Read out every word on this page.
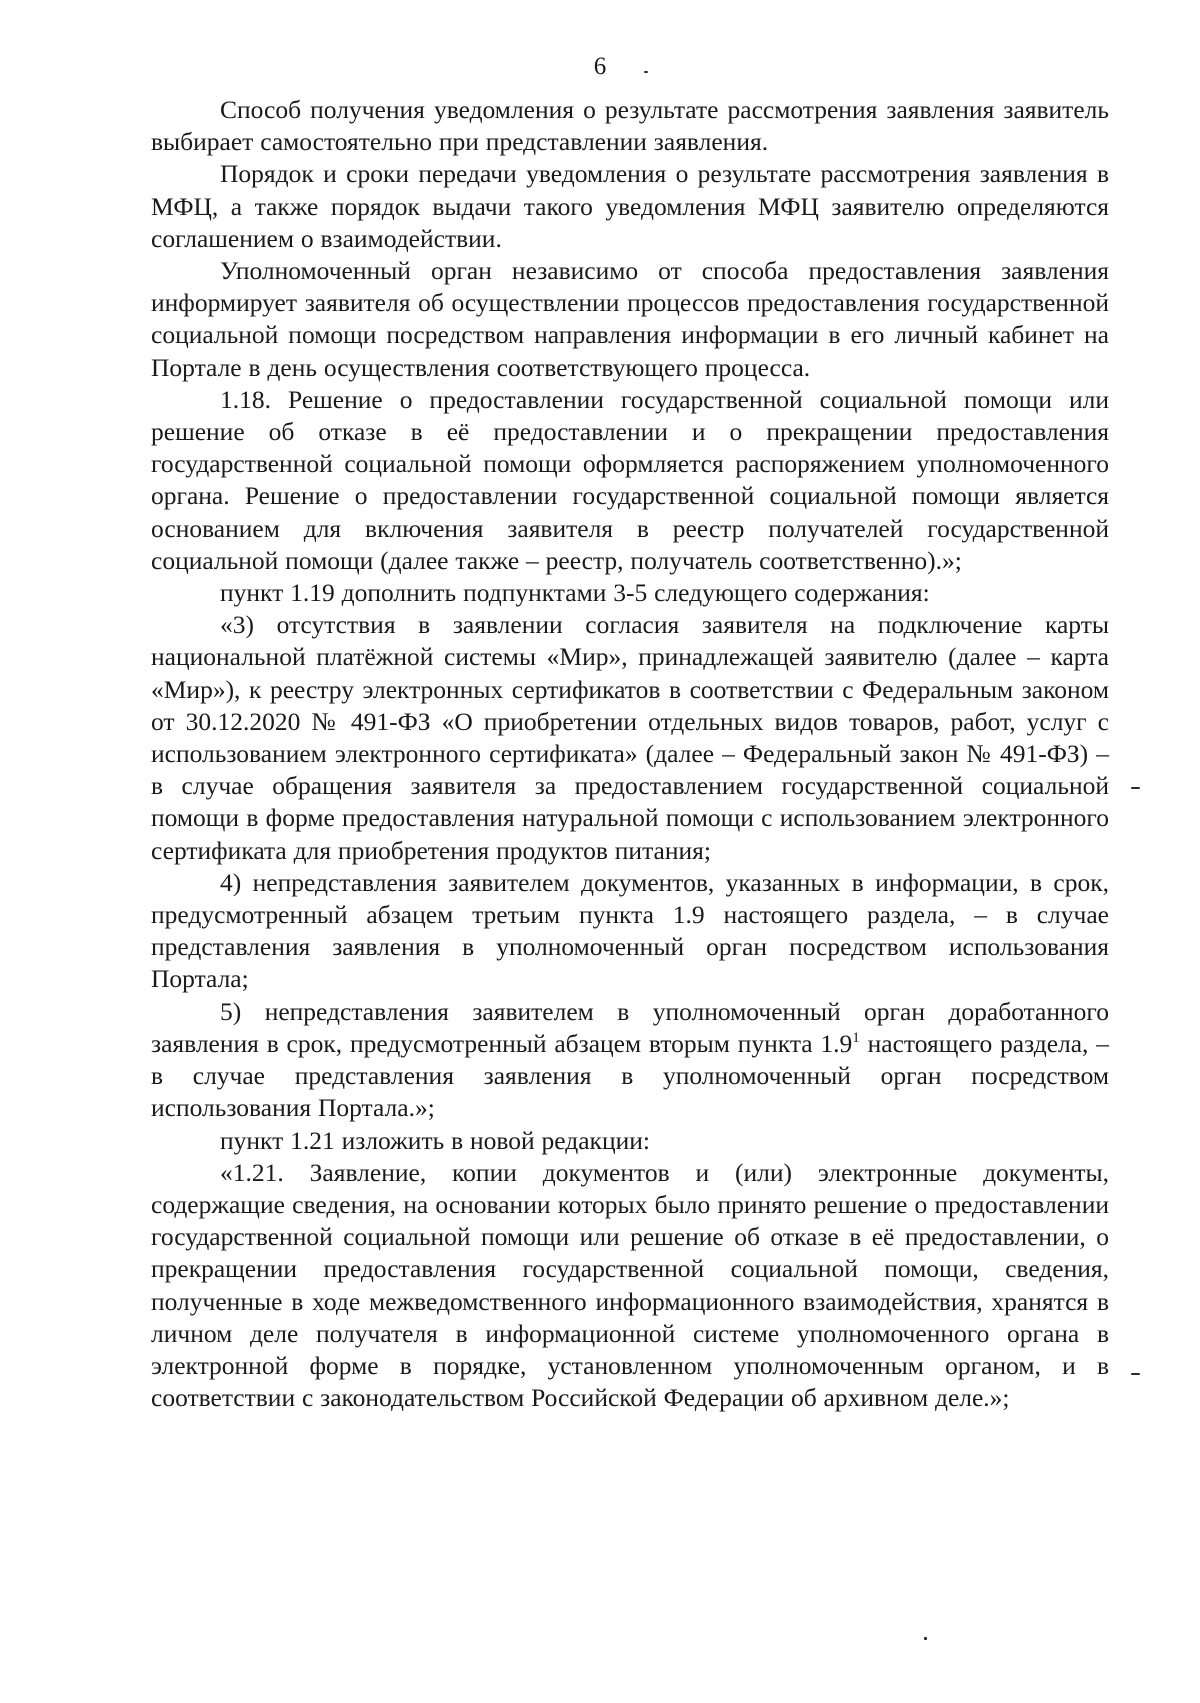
6

Способ получения уведомления о результате рассмотрения заявления заявитель выбирает самостоятельно при представлении заявления.

Порядок и сроки передачи уведомления о результате рассмотрения заявления в МФЦ, а также порядок выдачи такого уведомления МФЦ заявителю определяются соглашением о взаимодействии.

Уполномоченный орган независимо от способа предоставления заявления информирует заявителя об осуществлении процессов предоставления государственной социальной помощи посредством направления информации в его личный кабинет на Портале в день осуществления соответствующего процесса.

1.18. Решение о предоставлении государственной социальной помощи или решение об отказе в её предоставлении и о прекращении предоставления государственной социальной помощи оформляется распоряжением уполномоченного органа. Решение о предоставлении государственной социальной помощи является основанием для включения заявителя в реестр получателей государственной социальной помощи (далее также – реестр, получатель соответственно).»;

пункт 1.19 дополнить подпунктами 3-5 следующего содержания:

«3) отсутствия в заявлении согласия заявителя на подключение карты национальной платёжной системы «Мир», принадлежащей заявителю (далее – карта «Мир»), к реестру электронных сертификатов в соответствии с Федеральным законом от 30.12.2020 № 491-ФЗ «О приобретении отдельных видов товаров, работ, услуг с использованием электронного сертификата» (далее – Федеральный закон № 491-ФЗ) – в случае обращения заявителя за предоставлением государственной социальной помощи в форме предоставления натуральной помощи с использованием электронного сертификата для приобретения продуктов питания;

4) непредставления заявителем документов, указанных в информации, в срок, предусмотренный абзацем третьим пункта 1.9 настоящего раздела, – в случае представления заявления в уполномоченный орган посредством использования Портала;

5) непредставления заявителем в уполномоченный орган доработанного заявления в срок, предусмотренный абзацем вторым пункта $1.9^1$ настоящего раздела, – в случае представления заявления в уполномоченный орган посредством использования Портала.»;

пункт 1.21 изложить в новой редакции:

«1.21. Заявление, копии документов и (или) электронные документы, содержащие сведения, на основании которых было принято решение о предоставлении государственной социальной помощи или решение об отказе в её предоставлении, о прекращении предоставления государственной социальной помощи, сведения, полученные в ходе межведомственного информационного взаимодействия, хранятся в личном деле получателя в информационной системе уполномоченного органа в электронной форме в порядке, установленном уполномоченным органом, и в соответствии с законодательством Российской Федерации об архивном деле.»;
